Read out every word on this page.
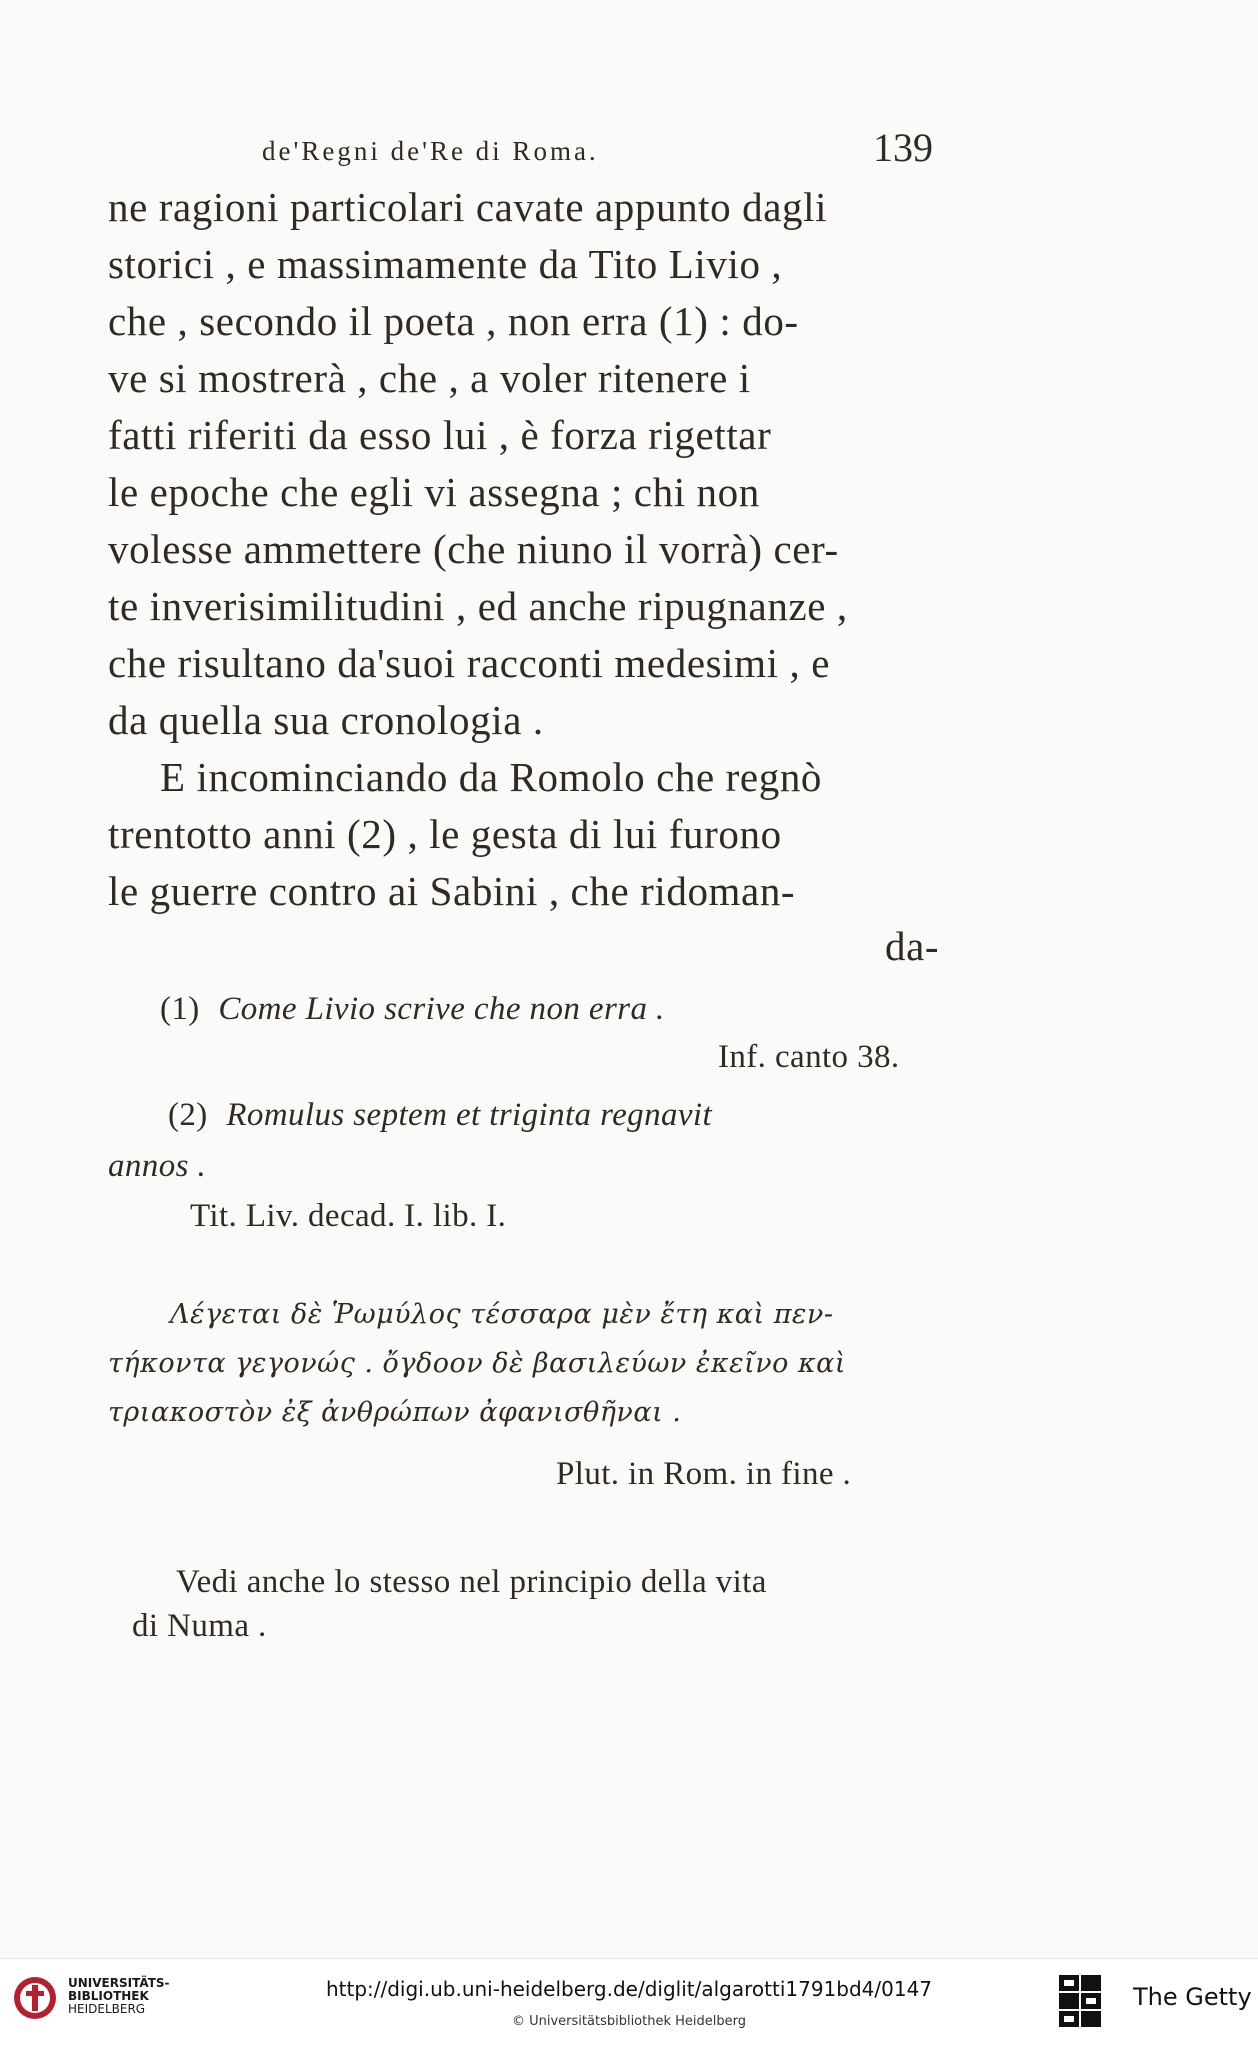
de'Regni de'Re di Roma.	139
ne ragioni particolari cavate appunto dagli
storici , e massimamente da Tito Livio ,
che , secondo il poeta , non erra (1) : do-
ve si mostrerà , che , a voler ritenere i
fatti riferiti da esso lui , è forza rigettar
le epoche che egli vi assegna ; chi non
volesse ammettere (che niuno il vorrà) cer-
te inverisimilitudini , ed anche ripugnanze ,
che risultano da'suoi racconti medesimi , e
da quella sua cronologia .
E incominciando da Romolo che regnò
trentotto anni (2) , le gesta di lui furono
le guerre contro ai Sabini , che ridoman-
da-
(1) Come Livio scrive che non erra .
Inf. canto 38.
(2) Romulus septem et triginta regnavit
annos .
Tit. Liv. decad. I. lib. I.
Λέγεται δὲ Ῥωμύλος τέσσαρα μὲν ἔτη καὶ πεν-
τήκοντα γεγονώς . ὄγδοον δὲ βασιλεύων ἐκεῖνο καὶ
τριακοστὸν ἐξ ἀνθρώπων ἀφανισθῆναι .
Plut. in Rom. in fine .
Vedi anche lo stesso nel principio della vita
di Numa .
UNIVERSITÄTS-
BIBLIOTHEK
HEIDELBERG
http://digi.ub.uni-heidelberg.de/diglit/algarotti1791bd4/0147
© Universitätsbibliothek Heidelberg
The Getty
